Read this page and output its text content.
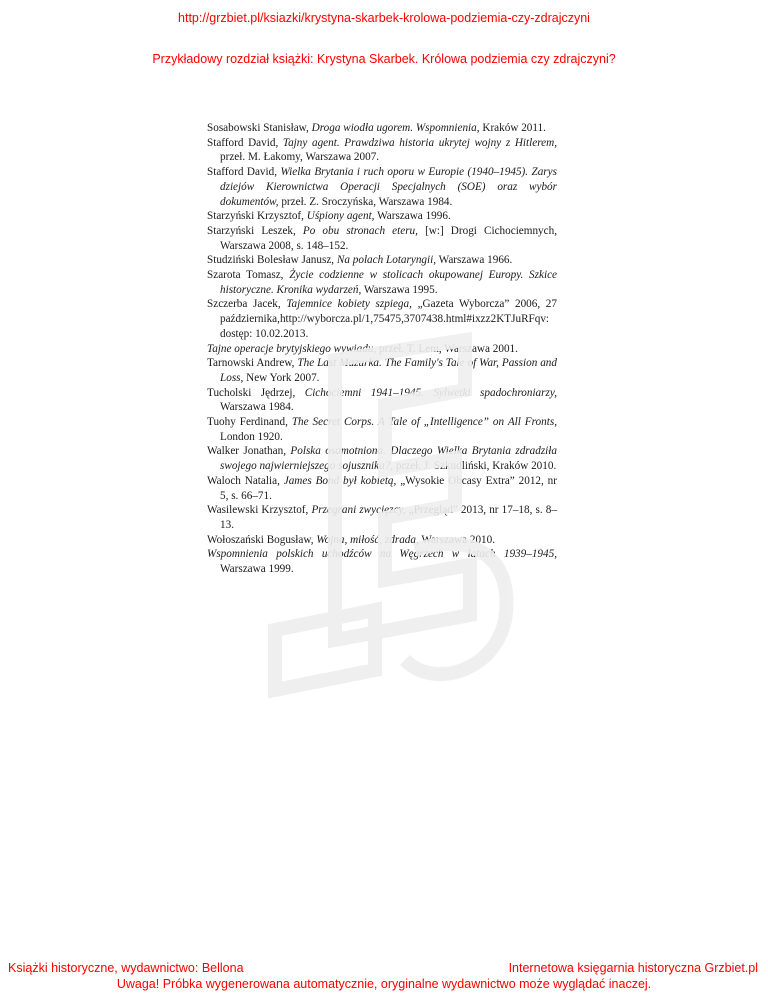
http://grzbiet.pl/ksiazki/krystyna-skarbek-krolowa-podziemia-czy-zdrajczyni
Przykładowy rozdział książki: Krystyna Skarbek. Królowa podziemia czy zdrajczyni?

Sosabowski Stanisław, Droga wiodła ugorem. Wspomnienia, Kraków 2011.

Stafford David, Tajny agent. Prawdziwa historia ukrytej wojny z Hitlerem, przeł. M. Łakomy, Warszawa 2007.

Stafford David, Wielka Brytania i ruch oporu w Europie (1940–1945). Zarys dziejów Kierownictwa Operacji Specjalnych (SOE) oraz wybór dokumentów, przeł. Z. Sroczyńska, Warszawa 1984.

Starzyński Krzysztof, Uśpiony agent, Warszawa 1996.

Starzyński Leszek, Po obu stronach eteru, [w:] Drogi Cichociemnych, Warszawa 2008, s. 148–152.

Studziński Bolesław Janusz, Na polach Lotaryngii, Warszawa 1966.

Szarota Tomasz, Życie codzienne w stolicach okupowanej Europy. Szkice historyczne. Kronika wydarzeń, Warszawa 1995.

Szczerba Jacek, Tajemnice kobiety szpiega, „Gazeta Wyborcza” 2006, 27 października,http://wyborcza.pl/1,75475,3707438.html#ixzz2KTJuRFqv: dostęp: 10.02.2013.

Tajne operacje brytyjskiego wywiadu, przeł. T. Lem, Warszawa 2001.

Tarnowski Andrew, The Last Mazurka. The Family's Tale of War, Passion and Loss, New York 2007.

Tucholski Jędrzej, Cichociemni 1941–1945. Sylwetki spadochroniarzy, Warszawa 1984.

Tuohy Ferdinand, The Secret Corps. A Tale of „Intelligence” on All Fronts, London 1920.

Walker Jonathan, Polska osamotniona. Dlaczego Wielka Brytania zdradziła swojego najwierniejszego sojusznika?, przeł. J. Szkudliński, Kraków 2010.

Waloch Natalia, James Bond był kobietą, „Wysokie Obcasy Extra” 2012, nr 5, s. 66–71.

Wasilewski Krzysztof, Przegrani zwycięzcy, „Przegląd” 2013, nr 17–18, s. 8–13.

Wołoszański Bogusław, Wojna, miłość, zdrada, Warszawa 2010.

Wspomnienia polskich uchodźców na Węgrzech w latach 1939–1945, Warszawa 1999.

Książki historyczne, wydawnictwo: Bellona	Internetowa księgarnia historyczna Grzbiet.pl
Uwaga! Próbka wygenerowana automatycznie, oryginalne wydawnictwo może wyglądać inaczej.
